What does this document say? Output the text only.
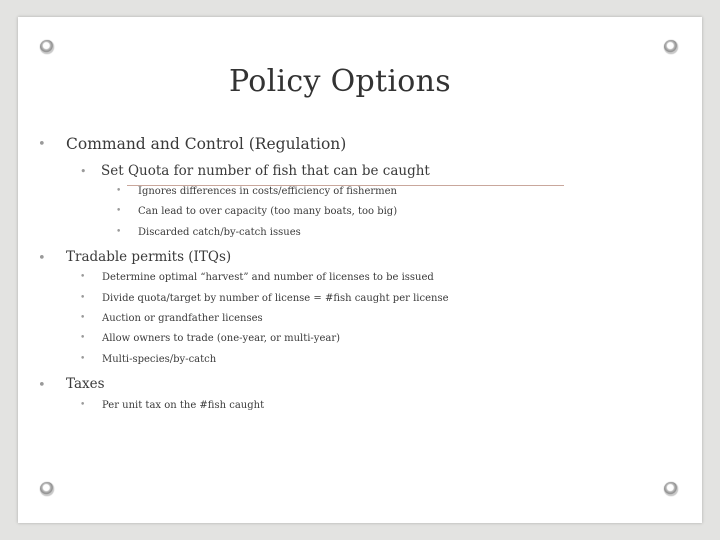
Policy Options
• Command and Control (Regulation)
• Set Quota for number of fish that can be caught
• Ignores differences in costs/efficiency of fishermen
• Can lead to over capacity (too many boats, too big)
• Discarded catch/by-catch issues
• Tradable permits (ITQs)
• Determine optimal “harvest” and number of licenses to be issued
• Divide quota/target by number of license = #fish caught per license
• Auction or grandfather licenses
• Allow owners to trade (one-year, or multi-year)
• Multi-species/by-catch
• Taxes
• Per unit tax on the #fish caught
